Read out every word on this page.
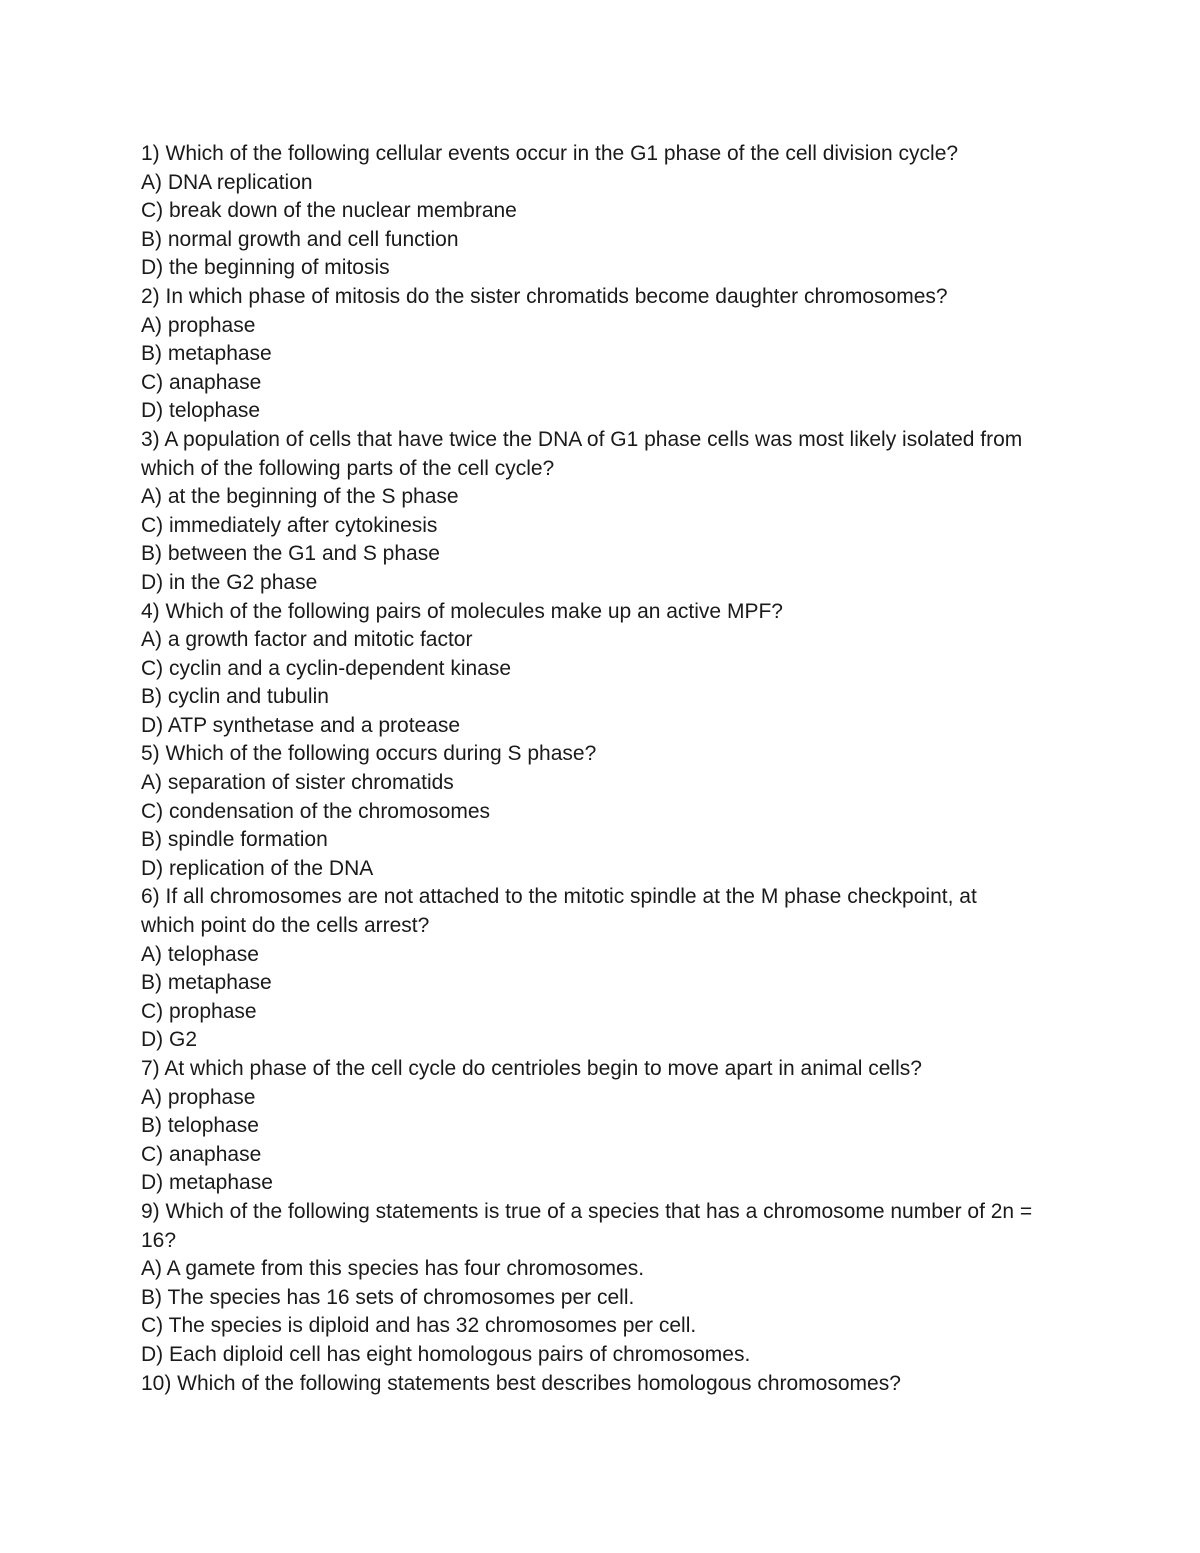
1) Which of the following cellular events occur in the G1 phase of the cell division cycle?
A) DNA replication
C) break down of the nuclear membrane
B) normal growth and cell function
D) the beginning of mitosis
2) In which phase of mitosis do the sister chromatids become daughter chromosomes?
A) prophase
B) metaphase
C) anaphase
D) telophase
3) A population of cells that have twice the DNA of G1 phase cells was most likely isolated from
which of the following parts of the cell cycle?
A) at the beginning of the S phase
C) immediately after cytokinesis
B) between the G1 and S phase
D) in the G2 phase
4) Which of the following pairs of molecules make up an active MPF?
A) a growth factor and mitotic factor
C) cyclin and a cyclin-dependent kinase
B) cyclin and tubulin
D) ATP synthetase and a protease
5) Which of the following occurs during S phase?
A) separation of sister chromatids
C) condensation of the chromosomes
B) spindle formation
D) replication of the DNA
6) If all chromosomes are not attached to the mitotic spindle at the M phase checkpoint, at
which point do the cells arrest?
A) telophase
B) metaphase
C) prophase
D) G2
7) At which phase of the cell cycle do centrioles begin to move apart in animal cells?
A) prophase
B) telophase
C) anaphase
D) metaphase
9) Which of the following statements is true of a species that has a chromosome number of 2n =
16?
A) A gamete from this species has four chromosomes.
B) The species has 16 sets of chromosomes per cell.
C) The species is diploid and has 32 chromosomes per cell.
D) Each diploid cell has eight homologous pairs of chromosomes.
10) Which of the following statements best describes homologous chromosomes?
